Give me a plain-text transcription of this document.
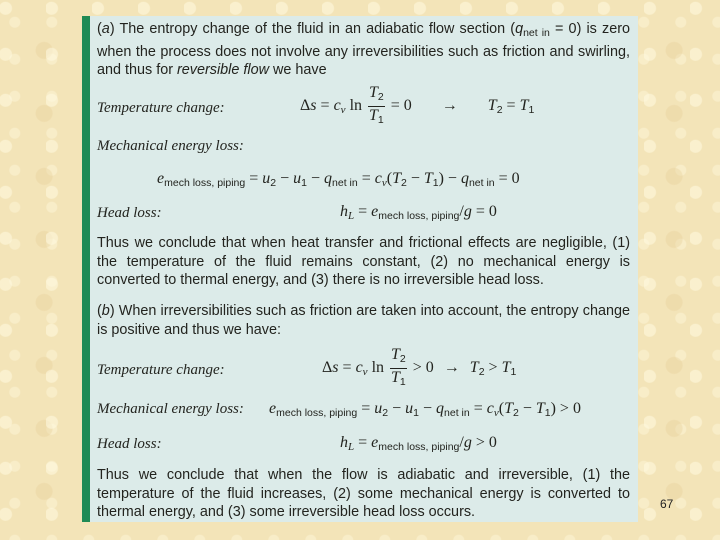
(a) The entropy change of the fluid in an adiabatic flow section $(q_{net in} = 0)$ is zero when the process does not involve any irreversibilities such as friction and swirling, and thus for reversible flow we have
Temperature change:	Δs = cv $\ln \frac{T_2}{T_1} = 0 \to T_2 = T_1$
Mechanical energy loss:
$e_{mech loss, piping} = u_2 - u_1 - q_{net in} = cv(T_2 - T_1) - q_{net in} = 0$
Head loss:	hL = $e_{mech loss, piping}/g = 0$
Thus we conclude that when heat transfer and frictional effects are negligible, (1) the temperature of the fluid remains constant, (2) no mechanical energy is converted to thermal energy, and (3) there is no irreversible head loss.
(b) When irreversibilities such as friction are taken into account, the entropy change is positive and thus we have:
Temperature change:	Δs = cv $\ln \frac{T_2}{T_1} > 0 \to T_2 > T_1$
Mechanical energy loss: $e_{mech loss, piping} = u_2 - u_1 - q_{net in} = cv(T_2 - T_1) > 0$
Head loss:	hL = $e_{mech loss, piping}/g > 0$
Thus we conclude that when the flow is adiabatic and irreversible, (1) the temperature of the fluid increases, (2) some mechanical energy is converted to thermal energy, and (3) some irreversible head loss occurs.	67
